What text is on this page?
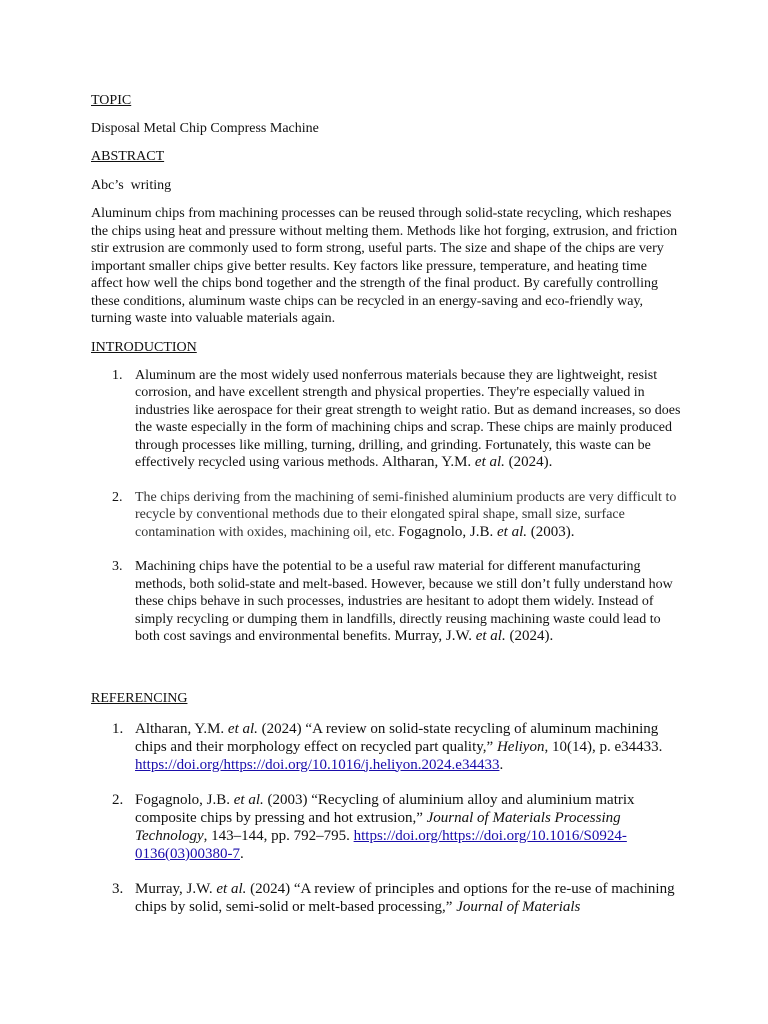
TOPIC

Disposal Metal Chip Compress Machine

ABSTRACT

Abc’s  writing

Aluminum chips from machining processes can be reused through solid-state recycling, which reshapes the chips using heat and pressure without melting them. Methods like hot forging, extrusion, and friction stir extrusion are commonly used to form strong, useful parts. The size and shape of the chips are very important smaller chips give better results. Key factors like pressure, temperature, and heating time affect how well the chips bond together and the strength of the final product. By carefully controlling these conditions, aluminum waste chips can be recycled in an energy-saving and eco-friendly way, turning waste into valuable materials again.

INTRODUCTION

1. Aluminum are the most widely used nonferrous materials because they are lightweight, resist corrosion, and have excellent strength and physical properties. They're especially valued in industries like aerospace for their great strength to weight ratio. But as demand increases, so does the waste especially in the form of machining chips and scrap. These chips are mainly produced through processes like milling, turning, drilling, and grinding. Fortunately, this waste can be effectively recycled using various methods. Altharan, Y.M. et al. (2024).

2. The chips deriving from the machining of semi-finished aluminium products are very difficult to recycle by conventional methods due to their elongated spiral shape, small size, surface contamination with oxides, machining oil, etc. Fogagnolo, J.B. et al. (2003).

3. Machining chips have the potential to be a useful raw material for different manufacturing methods, both solid-state and melt-based. However, because we still don’t fully understand how these chips behave in such processes, industries are hesitant to adopt them widely. Instead of simply recycling or dumping them in landfills, directly reusing machining waste could lead to both cost savings and environmental benefits. Murray, J.W. et al. (2024).

REFERENCING

1. Altharan, Y.M. et al. (2024) “A review on solid-state recycling of aluminum machining chips and their morphology effect on recycled part quality,” Heliyon, 10(14), p. e34433. https://doi.org/https://doi.org/10.1016/j.heliyon.2024.e34433.

2. Fogagnolo, J.B. et al. (2003) “Recycling of aluminium alloy and aluminium matrix composite chips by pressing and hot extrusion,” Journal of Materials Processing Technology, 143–144, pp. 792–795. https://doi.org/https://doi.org/10.1016/S0924-0136(03)00380-7.

3. Murray, J.W. et al. (2024) “A review of principles and options for the re-use of machining chips by solid, semi-solid or melt-based processing,” Journal of Materials
